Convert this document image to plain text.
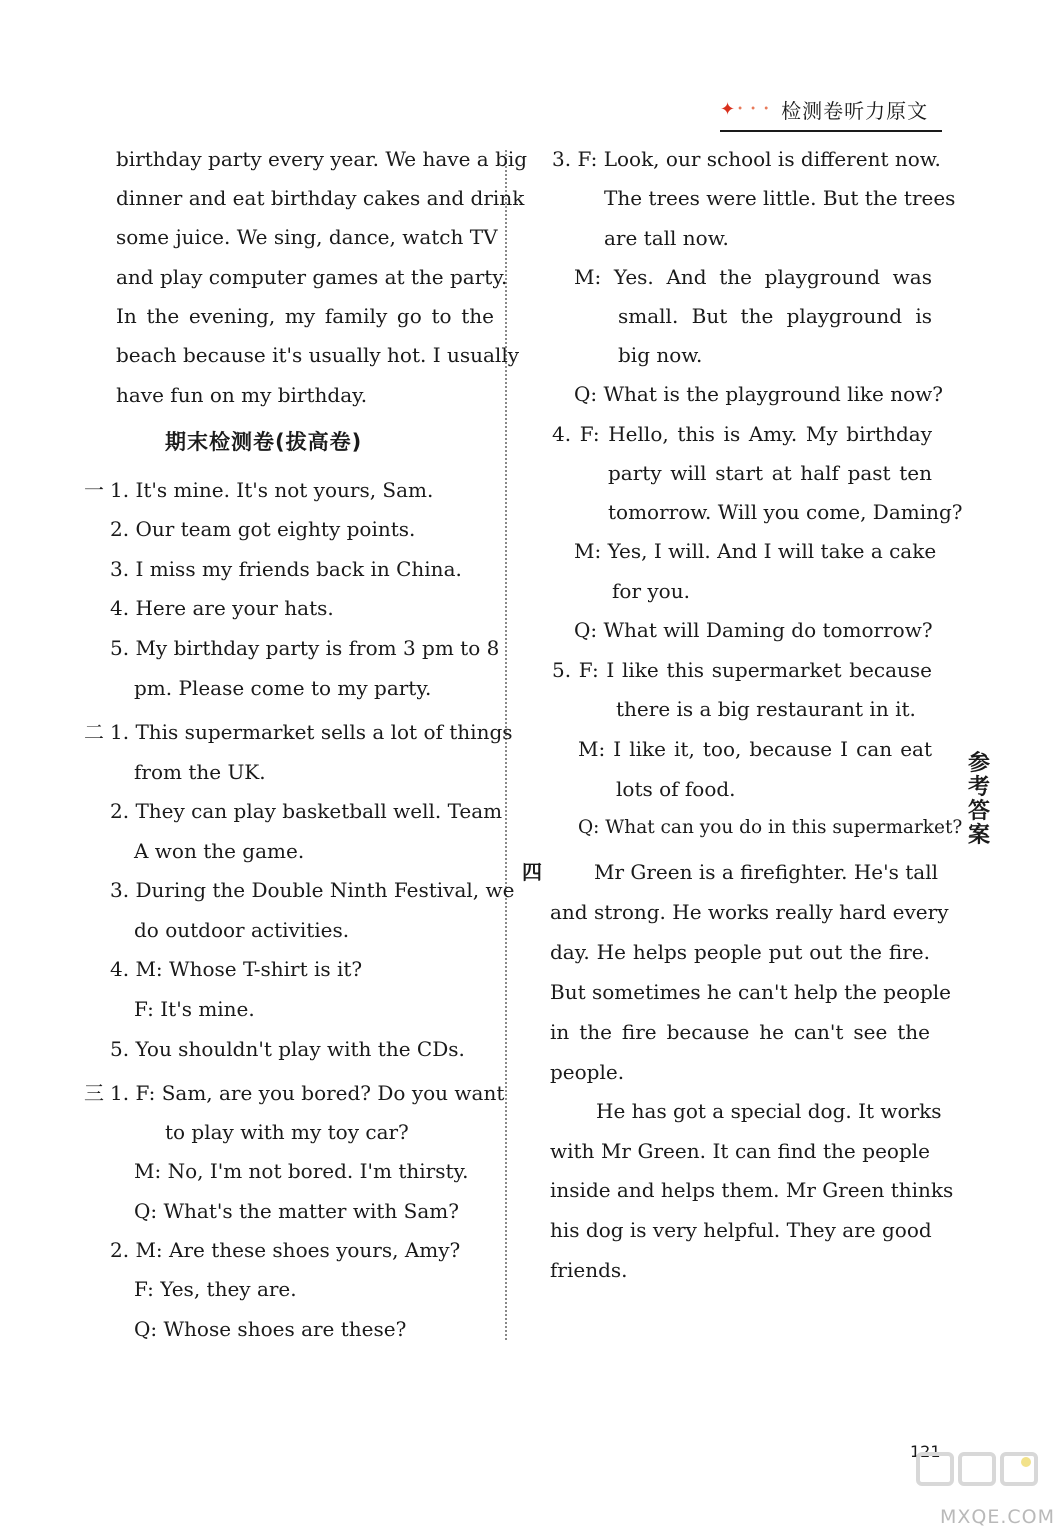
✦ • • • 检测卷听力原文
birthday party every year. We have a big
dinner and eat birthday cakes and drink
some juice. We sing, dance, watch TV
and play computer games at the party.
In the evening, my family go to the
beach because it's usually hot. I usually
have fun on my birthday.
期末检测卷(拔高卷)
一 1. It's mine. It's not yours, Sam.
2. Our team got eighty points.
3. I miss my friends back in China.
4. Here are your hats.
5. My birthday party is from 3 pm to 8
pm. Please come to my party.
二 1. This supermarket sells a lot of things
from the UK.
2. They can play basketball well. Team
A won the game.
3. During the Double Ninth Festival, we
do outdoor activities.
4. M: Whose T-shirt is it?
F: It's mine.
5. You shouldn't play with the CDs.
三 1. F: Sam, are you bored? Do you want
to play with my toy car?
M: No, I'm not bored. I'm thirsty.
Q: What's the matter with Sam?
2. M: Are these shoes yours, Amy?
F: Yes, they are.
Q: Whose shoes are these?
3. F: Look, our school is different now.
The trees were little. But the trees
are tall now.
M: Yes. And the playground was
small. But the playground is
big now.
Q: What is the playground like now?
4. F: Hello, this is Amy. My birthday
party will start at half past ten
tomorrow. Will you come, Daming?
M: Yes, I will. And I will take a cake
for you.
Q: What will Daming do tomorrow?
5. F: I like this supermarket because
there is a big restaurant in it.
M: I like it, too, because I can eat
lots of food.
Q: What can you do in this supermarket?
四	Mr Green is a firefighter. He's tall
and strong. He works really hard every
day. He helps people put out the fire.
But sometimes he can't help the people
in the fire because he can't see the
people.
He has got a special dog. It works
with Mr Green. It can find the people
inside and helps them. Mr Green thinks
his dog is very helpful. They are good
friends.
参考答案
121
MXQE.COM
